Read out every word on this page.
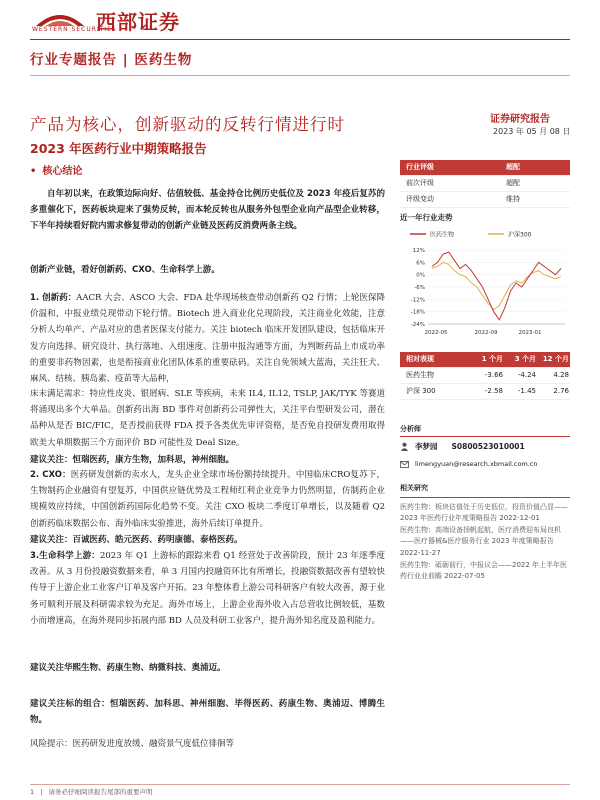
WESTERN SECURITIES
西部证券
行业专题报告 | 医药生物
产品为核心，创新驱动的反转行情进行时
2023 年医药行业中期策略报告
• 核心结论
证券研究报告
2023 年 05 月 08 日
自年初以来，在政策边际向好、估值较低、基金持仓比例历史低位及 2023 年疫后复苏的多重催化下，医药板块迎来了强势反转，而本轮反转也从服务外包型企业向产品型企业转移，下半年持续看好院内需求修复带动的创新产业链及医药反消费两条主线。
创新产业链，看好创新药、CXO、生命科学上游。
1. 创新药：AACR 大会、ASCO 大会、FDA 赴华现场核查带动创新药 Q2 行情；上轮医保降价温和，中报业绩兑现带动下轮行情。Biotech 进入商业化兑现阶段，关注商业化效能，注意分析人均单产、产品对应的患者医保支付能力。关注 biotech 临床开发团队建设，包括临床开发方向选择、研究设计、执行落地、入组速度、注册申报沟通等方面，为判断药品上市成功率的重要非药物因素，也是衔接商业化团队体系的重要砝码。关注自免领域大蓝海，关注狂犬、麻风、结核、胰岛素、疫苗等大品种，
床未满足需求：特应性皮炎、银屑病、SLE 等疾病，未来 IL4, IL12, TSLP, JAK/TYK 等赛道将涌现出多个大单品。创新药出海 BD 事件对创新药公司弹性大，关注平台型研发公司，潜在品种从是否 BIC/FIC，是否授前获得 FDA 授予各类优先审评资格，是否免自投研发费用取得欧美大单期数据三个方面评价 BD 可能性及 Deal Size。
建议关注：恒瑞医药，康方生物，加科思，神州细胞。
2. CXO：医药研发创新的卖水人，龙头企业全球市场份额持续提升。中国临床CRO复苏下，生物制药企业融资有望复苏，中国供应链优势及工程师红利企业竞争力仍然明显，仿制药企业规模效应持续，中国创新药国际化趋势不变。关注 CXO 板块二季度订单增长，以及随着 Q2 创新药临床数据公布、海外临床实验推进，海外后续订单提升。
建议关注：百诚医药、皓元医药、药明康德、泰格医药。
3.生命科学上游：2023 年 Q1 上游标的跟踪来看 Q1 经营处于改善阶段，预计 23 年逐季度改善。从 3 月份投融资数据来看，单 3 月国内投融资环比有所增长，投融资数据改善有望较快传导于上游企业工业客户订单及客户开拓。23 年整体看上游公司科研客户有较大改善，源于业务可顺利开展及科研需求较为充足。海外市场上，上游企业海外收入占总营收比例较低，基数小而增速高，在海外现同步拓展内部 BD 人员及科研工业客户，提升海外知名度及盈利能力。
建议关注华熙生物、药康生物、纳微科技、奥浦迈。
建议关注标的组合：恒瑞医药、加科思、神州细胞、毕得医药、药康生物、奥浦迈、博腾生物。
风险提示：医药研发进度放缓、融资景气度低位徘徊等
行业评级	超配
前次评级	超配
评级变动	维持
近一年行业走势
医药生物	沪深300
12%
6%
0%
-6%
-12%
-18%
-24%
2022-05	2022-09	2023-01
相对表现	1 个月	3 个月 12 个月
医药生物	-3.66	-4.24	4.28
沪深 300	-2.58	-1.45	2.76
分析师
李梦园 S0800523010001
limengyuan@research.xbmail.com.cn
相关研究
医药生物：板块估值处于历史低位，投资价值凸显——2023 年医药行业年度策略报告 2022-12-01
医药生物：高端设备扬帆起航，医疗消费迎布局良机——医疗器械&医疗服务行业 2023 年度策略报告 2022-11-27
医药生物：砥砺前行，中报议会——2022 年上半年医药行业业前瞻 2022-07-05
1 | 请务必仔细阅读报告尾部的重要声明
